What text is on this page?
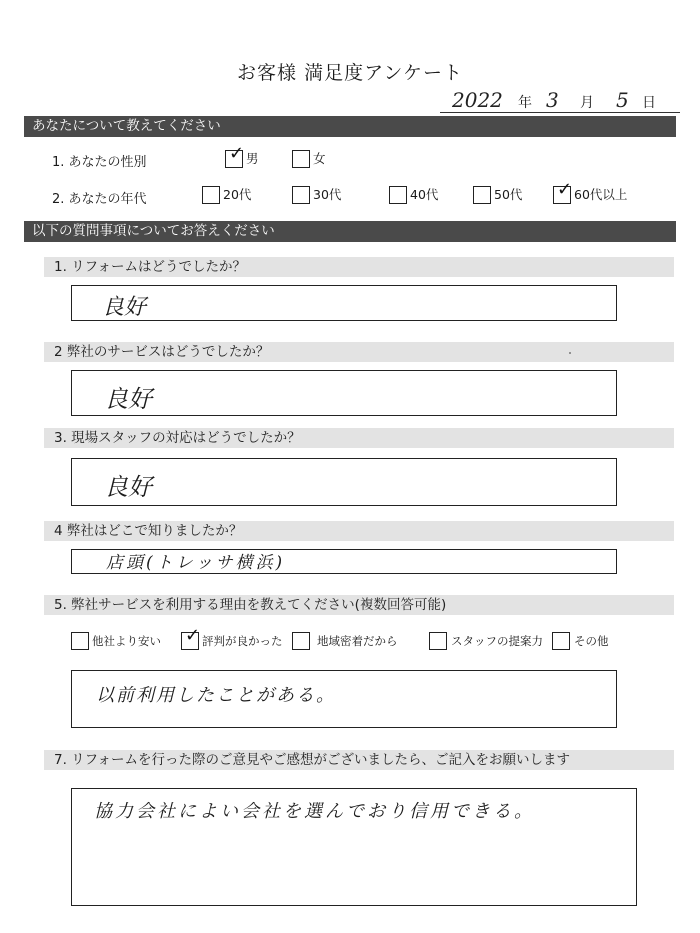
お客様 満足度アンケート
2022 年 3 月 5 日
あなたについて教えてください
1. あなたの性別	✓ 男	女
2. あなたの年代	20代	30代	40代	50代 ✓ 60代以上
以下の質問事項についてお答えください
1. リフォームはどうでしたか？
良好
2 弊社のサービスはどうでしたか？
良好
3. 現場スタッフの対応はどうでしたか？
良好
4 弊社はどこで知りましたか？
店頭(トレッサ横浜)
5. 弊社サービスを利用する理由を教えてください(複数回答可能)
他社より安い ✓ 評判が良かった	地域密着だから	スタッフの提案力	その他
以前利用したことがある。
7. リフォームを行った際のご意見やご感想がございましたら、ご記入をお願いします
協力会社によい会社を選んでおり信用できる。
